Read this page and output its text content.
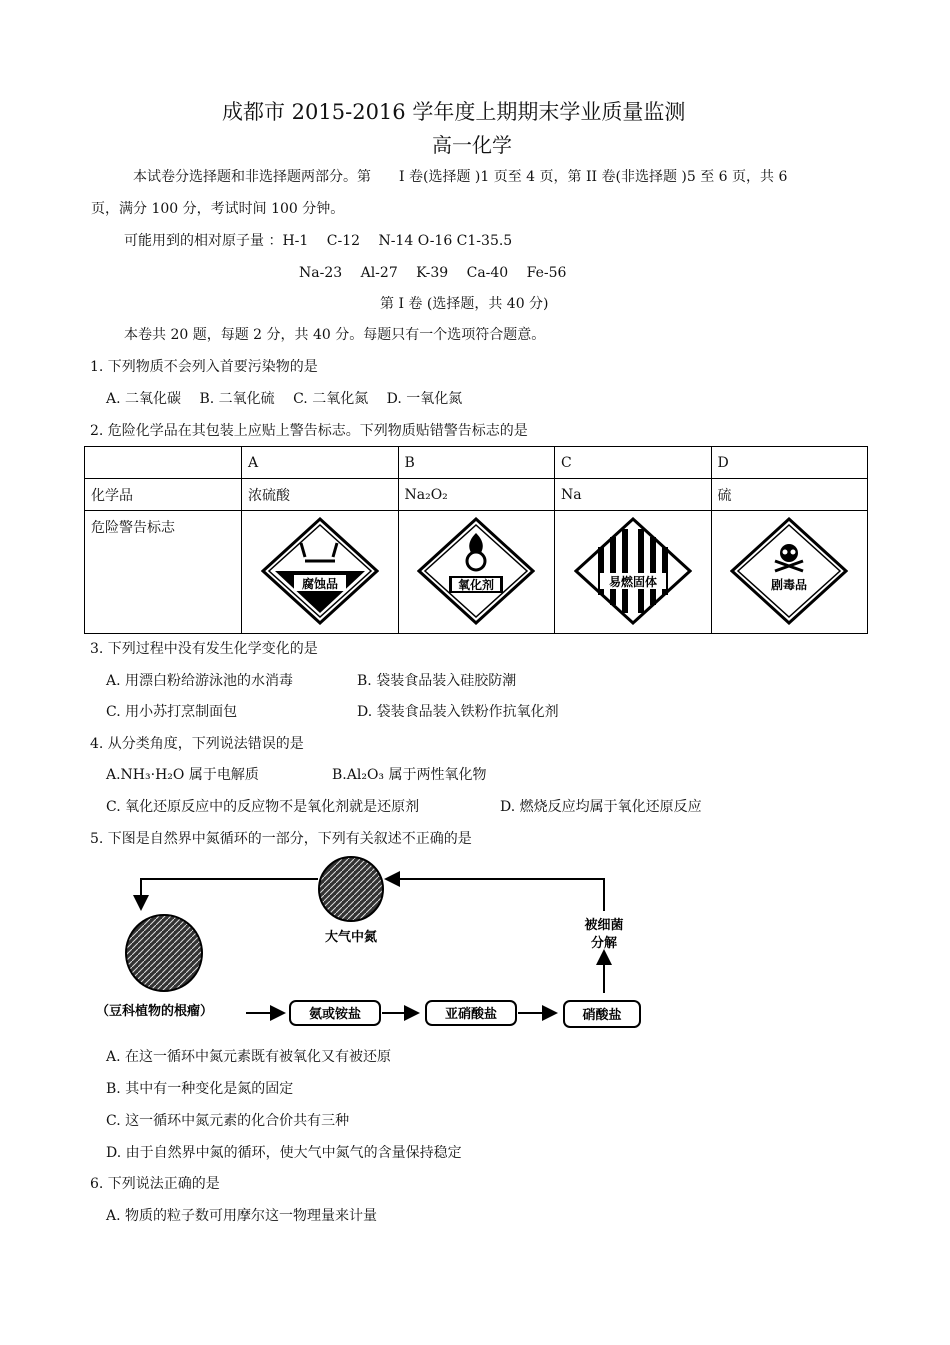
成都市 2015-2016 学年度上期期末学业质量监测
高一化学
本试卷分选择题和非选择题两部分。第　　I 卷(选择题 )1 页至 4 页，第 II 卷(非选择题 )5 至 6 页，共 6
页，满分 100 分，考试时间 100 分钟。
可能用到的相对原子量 ：H-1　 C-12　 N-14 O-16 C1-35.5
Na-23　 Al-27　 K-39　 Ca-40　 Fe-56
第 I 卷 (选择题，共 40 分)
本卷共 20 题，每题 2 分，共 40 分。每题只有一个选项符合题意。
1. 下列物质不会列入首要污染物的是
A. 二氧化碳　 B. 二氧化硫　 C. 二氧化氮　 D. 一氧化氮
2. 危险化学品在其包装上应贴上警告标志。下列物质贴错警告标志的是
	A	B	C	D
化学品	浓硫酸	Na₂O₂	Na	硫
危险警告标志	腐蚀品	氧化剂	易燃固体	剧毒品
3. 下列过程中没有发生化学变化的是
A. 用漂白粉给游泳池的水消毒	B. 袋装食品装入硅胶防潮
C. 用小苏打烹制面包	D. 袋装食品装入铁粉作抗氧化剂
4. 从分类角度，下列说法错误的是
A.NH₃·H₂O 属于电解质	B.Al₂O₃ 属于两性氧化物
C. 氧化还原反应中的反应物不是氧化剂就是还原剂	D. 燃烧反应均属于氧化还原反应
5. 下图是自然界中氮循环的一部分，下列有关叙述不正确的是
大气中氮
（豆科植物的根瘤）
被细菌
分解
氨或铵盐	亚硝酸盐	硝酸盐
A. 在这一循环中氮元素既有被氧化又有被还原
B. 其中有一种变化是氮的固定
C. 这一循环中氮元素的化合价共有三种
D. 由于自然界中氮的循环，使大气中氮气的含量保持稳定
6. 下列说法正确的是
A. 物质的粒子数可用摩尔这一物理量来计量
